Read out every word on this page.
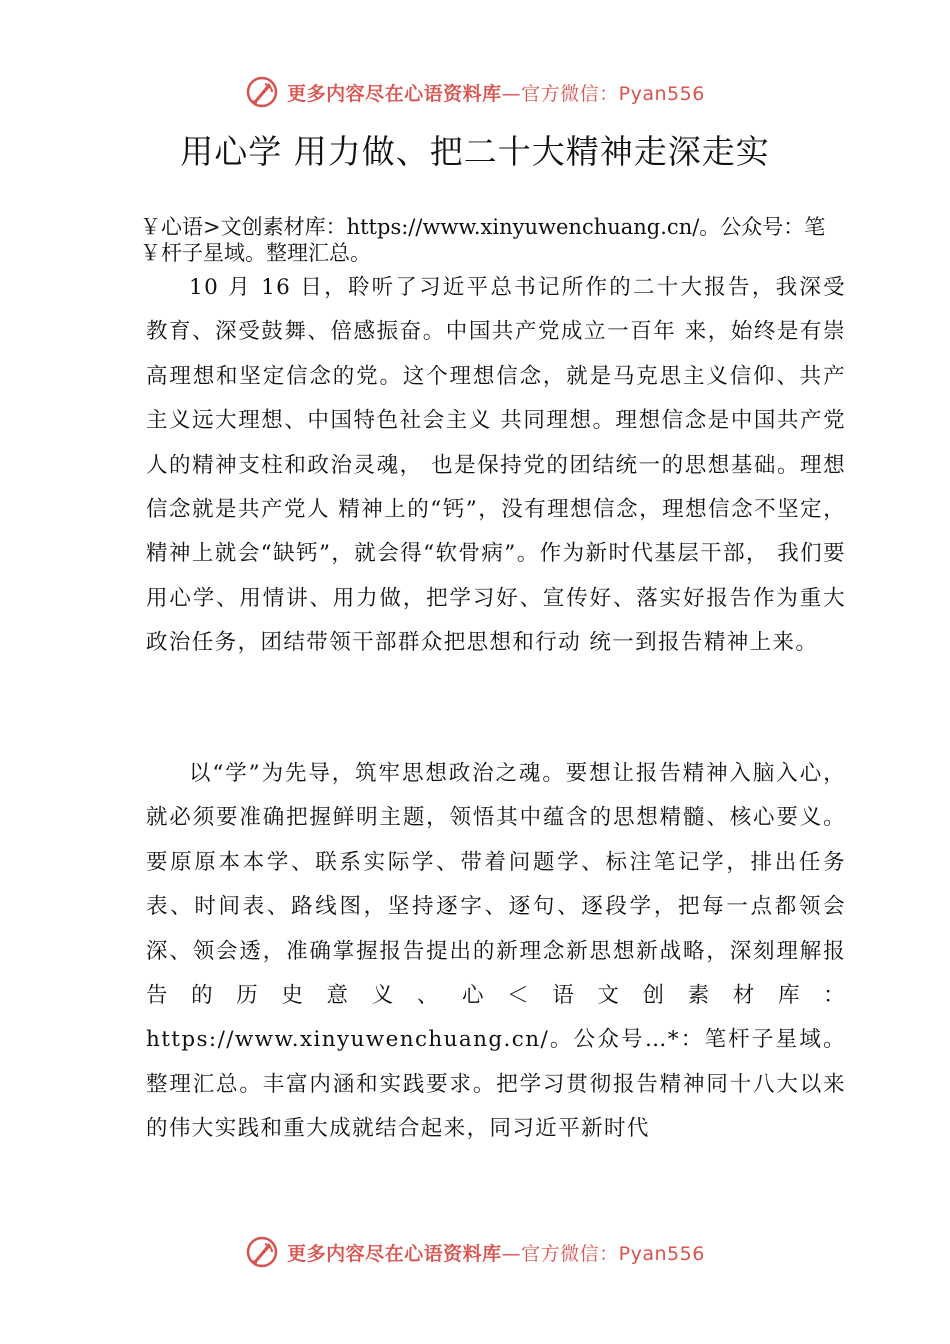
更多内容尽在心语资料库—官方微信：Pyan556
用心学 用力做、把二十大精神走深走实

￥心语>文创素材库：https://www.xinyuwenchuang.cn/。公众号：笔￥杆子星域。整理汇总。

10 月 16 日，聆听了习近平总书记所作的二十大报告，我深受教育、深受鼓舞、倍感振奋。中国共产党成立一百年 来，始终是有崇高理想和坚定信念的党。这个理想信念，就是马克思主义信仰、共产主义远大理想、中国特色社会主义 共同理想。理想信念是中国共产党人的精神支柱和政治灵魂， 也是保持党的团结统一的思想基础。理想信念就是共产党人 精神上的“钙”，没有理想信念，理想信念不坚定，精神上就会“缺钙”，就会得“软骨病”。作为新时代基层干部， 我们要用心学、用情讲、用力做，把学习好、宣传好、落实好报告作为重大政治任务，团结带领干部群众把思想和行动 统一到报告精神上来。

以“学”为先导，筑牢思想政治之魂。要想让报告精神入脑入心，就必须要准确把握鲜明主题，领悟其中蕴含的思想精髓、核心要义。要原原本本学、联系实际学、带着问题学、标注笔记学，排出任务表、时间表、路线图，坚持逐字、逐句、逐段学，把每一点都领会深、领会透，准确掌握报告提出的新理念新思想新战略，深刻理解报告的历史意义、心＜语文创素材库：https://www.xinyuwenchuang.cn/。公众号…*：笔杆子星域。整理汇总。丰富内涵和实践要求。把学习贯彻报告精神同十八大以来的伟大实践和重大成就结合起来，同习近平新时代

更多内容尽在心语资料库—官方微信：Pyan556
